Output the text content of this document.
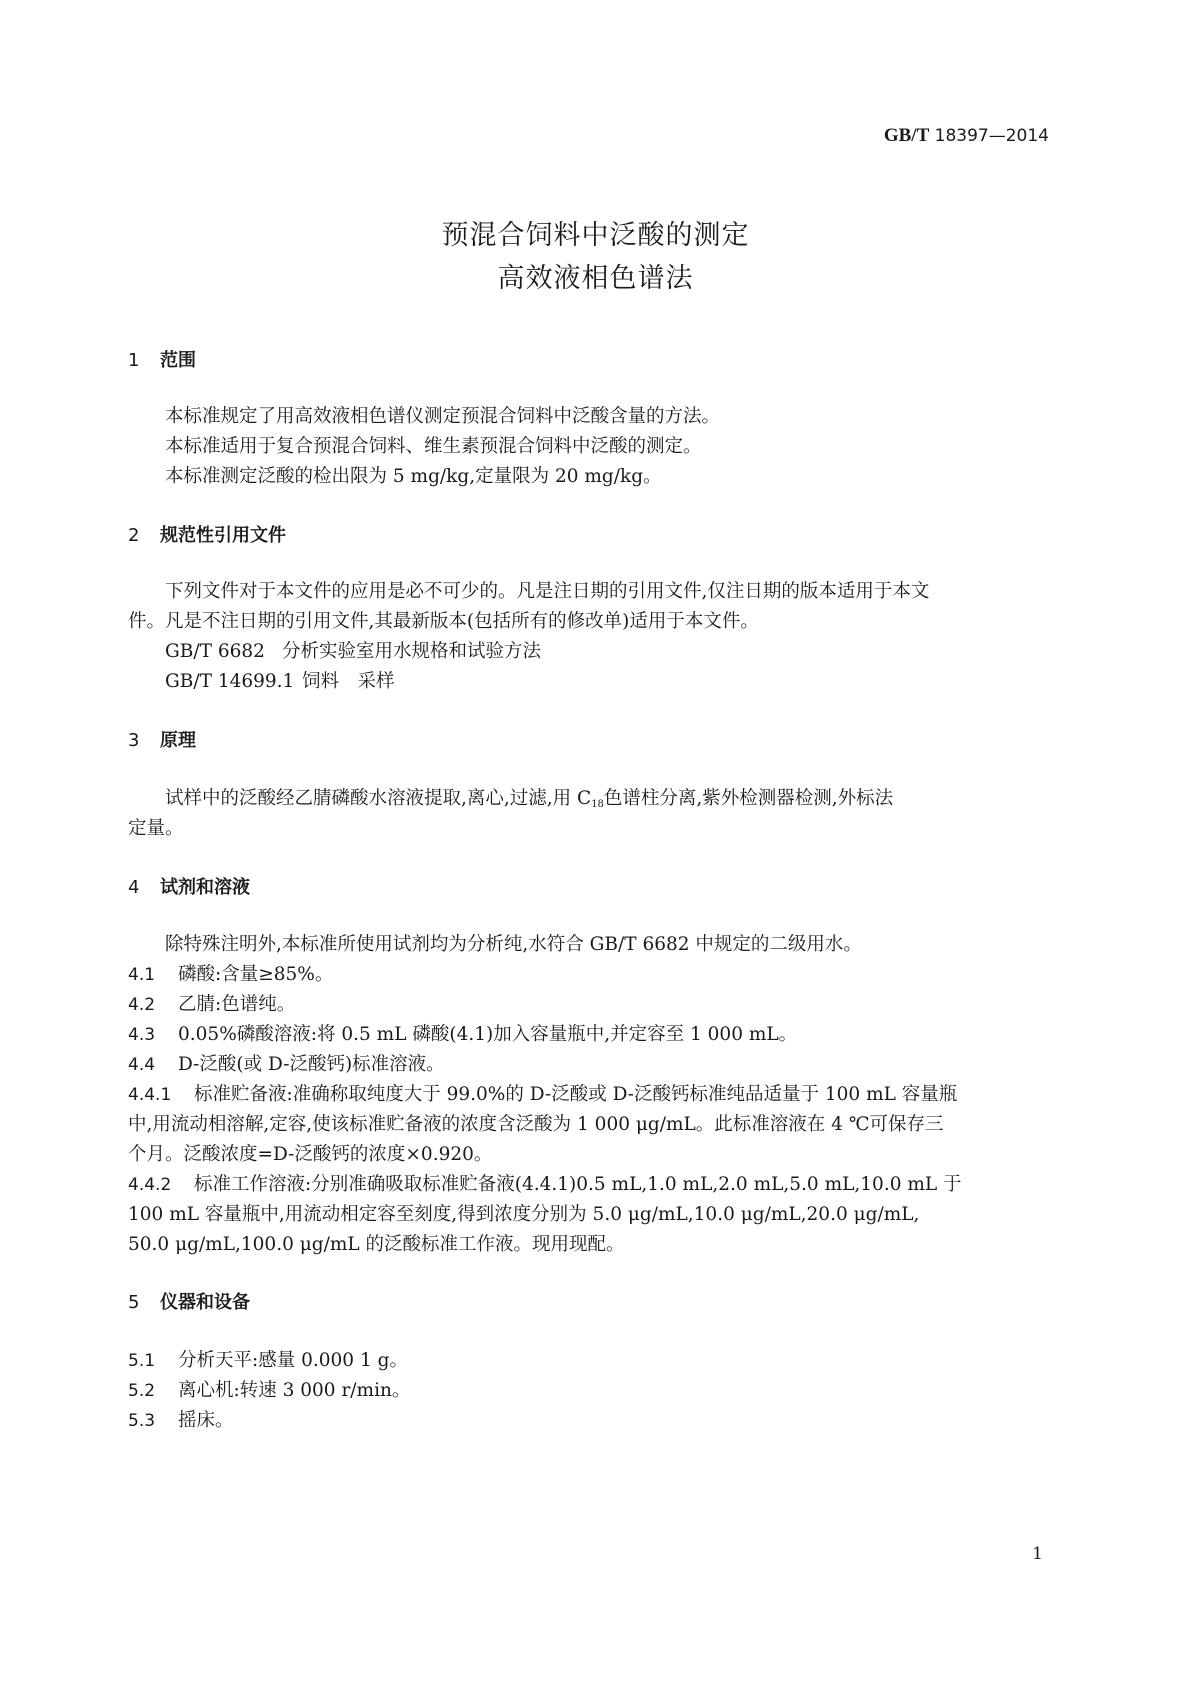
GB/T 18397—2014
预混合饲料中泛酸的测定
高效液相色谱法
1 范围
本标准规定了用高效液相色谱仪测定预混合饲料中泛酸含量的方法。
本标准适用于复合预混合饲料、维生素预混合饲料中泛酸的测定。
本标准测定泛酸的检出限为 5 mg/kg,定量限为 20 mg/kg。
2 规范性引用文件
下列文件对于本文件的应用是必不可少的。凡是注日期的引用文件,仅注日期的版本适用于本文
件。凡是不注日期的引用文件,其最新版本(包括所有的修改单)适用于本文件。
GB/T 6682 分析实验室用水规格和试验方法
GB/T 14699.1 饲料　采样
3 原理
试样中的泛酸经乙腈磷酸水溶液提取,离心,过滤,用 $C_{18}$色谱柱分离,紫外检测器检测,外标法
定量。
4 试剂和溶液
除特殊注明外,本标准所使用试剂均为分析纯,水符合 GB/T 6682 中规定的二级用水。
4.1 磷酸:含量≥85%。
4.2 乙腈:色谱纯。
4.3 0.05%磷酸溶液:将 0.5 mL 磷酸(4.1)加入容量瓶中,并定容至 1 000 mL。
4.4 D-泛酸(或 D-泛酸钙)标准溶液。
4.4.1 标准贮备液:准确称取纯度大于 99.0%的 D-泛酸或 D-泛酸钙标准纯品适量于 100 mL 容量瓶
中,用流动相溶解,定容,使该标准贮备液的浓度含泛酸为 1 000 μg/mL。此标准溶液在 4 ℃可保存三
个月。泛酸浓度=D-泛酸钙的浓度×0.920。
4.4.2 标准工作溶液:分别准确吸取标准贮备液(4.4.1)0.5 mL,1.0 mL,2.0 mL,5.0 mL,10.0 mL 于
100 mL 容量瓶中,用流动相定容至刻度,得到浓度分别为 5.0 μg/mL,10.0 μg/mL,20.0 μg/mL,
50.0 μg/mL,100.0 μg/mL 的泛酸标准工作液。现用现配。
5 仪器和设备
5.1 分析天平:感量 0.000 1 g。
5.2 离心机:转速 3 000 r/min。
5.3 摇床。
1
